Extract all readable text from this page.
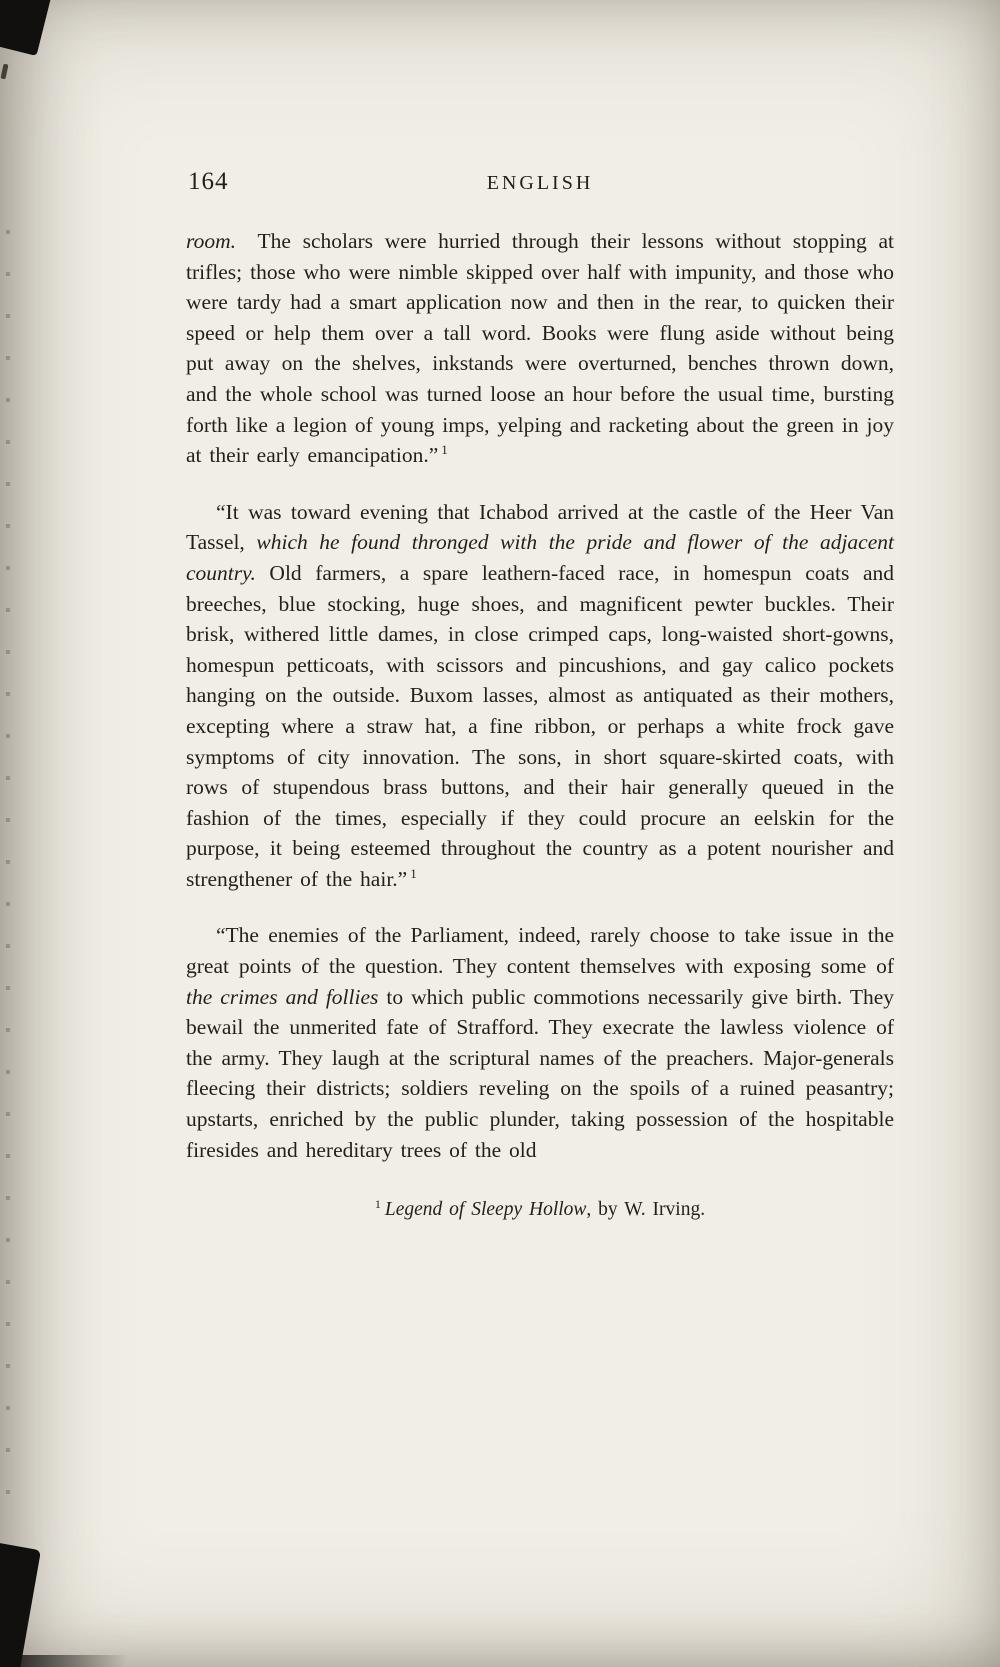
164	ENGLISH

room. The scholars were hurried through their lessons without stopping at trifles; those who were nimble skipped over half with impunity, and those who were tardy had a smart application now and then in the rear, to quicken their speed or help them over a tall word. Books were flung aside without being put away on the shelves, inkstands were overturned, benches thrown down, and the whole school was turned loose an hour before the usual time, bursting forth like a legion of young imps, yelping and racketing about the green in joy at their early emancipation.” $^1$

“It was toward evening that Ichabod arrived at the castle of the Heer Van Tassel, which he found thronged with the pride and flower of the adjacent country. Old farmers, a spare leathern-faced race, in homespun coats and breeches, blue stocking, huge shoes, and magnificent pewter buckles. Their brisk, withered little dames, in close crimped caps, long-waisted short-gowns, homespun petticoats, with scissors and pincushions, and gay calico pockets hanging on the outside. Buxom lasses, almost as antiquated as their mothers, excepting where a straw hat, a fine ribbon, or perhaps a white frock gave symptoms of city innovation. The sons, in short square-skirted coats, with rows of stupendous brass buttons, and their hair generally queued in the fashion of the times, especially if they could procure an eelskin for the purpose, it being esteemed throughout the country as a potent nourisher and strengthener of the hair.” $^1$

“The enemies of the Parliament, indeed, rarely choose to take issue in the great points of the question. They content themselves with exposing some of the crimes and follies to which public commotions necessarily give birth. They bewail the unmerited fate of Strafford. They execrate the lawless violence of the army. They laugh at the scriptural names of the preachers. Major-generals fleecing their districts; soldiers reveling on the spoils of a ruined peasantry; upstarts, enriched by the public plunder, taking possession of the hospitable firesides and hereditary trees of the old

$^1$ Legend of Sleepy Hollow, by W. Irving.
